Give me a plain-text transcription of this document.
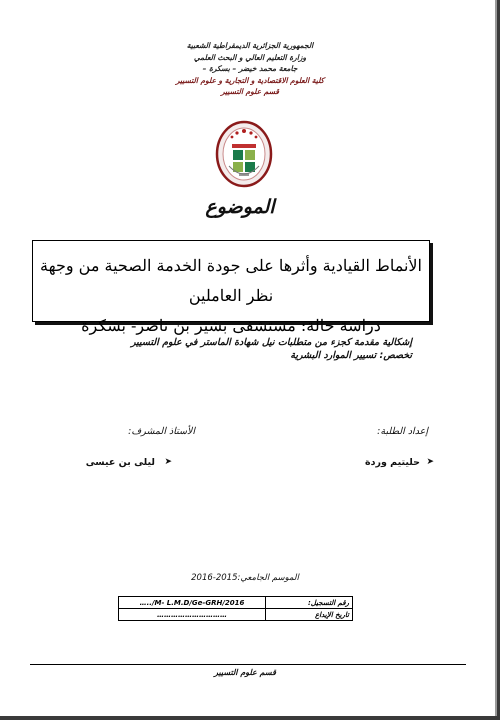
الجمهورية الجزائرية الديمقراطية الشعبية
وزارة التعليم العالي و البحث العلمي
جامعة محمد خيضر – بسكرة –
كلية العلوم الاقتصادية و التجارية و علوم التسيير
قسم علوم التسيير
الموضوع
الأنماط القيادية وأثرها على جودة الخدمة الصحية من وجهة نظر العاملين
دراسة حالة: مستشفى بشير بن ناصر- بسكرة
إشكالية مقدمة كجزء من متطلبات نيل شهادة الماستر في علوم التسيير
تخصص: تسيير الموارد البشرية
إعداد الطلبة:
الأستاذ المشرف:
➤
حليتيم وردة
➤
ليلى بن عيسى
الموسم الجامعي:2015-2016
…../M- L.M.D/Ge-GRH/2016	رقم التسجيل:
…………………………	تاريخ الإيداع
قسم علوم التسيير
